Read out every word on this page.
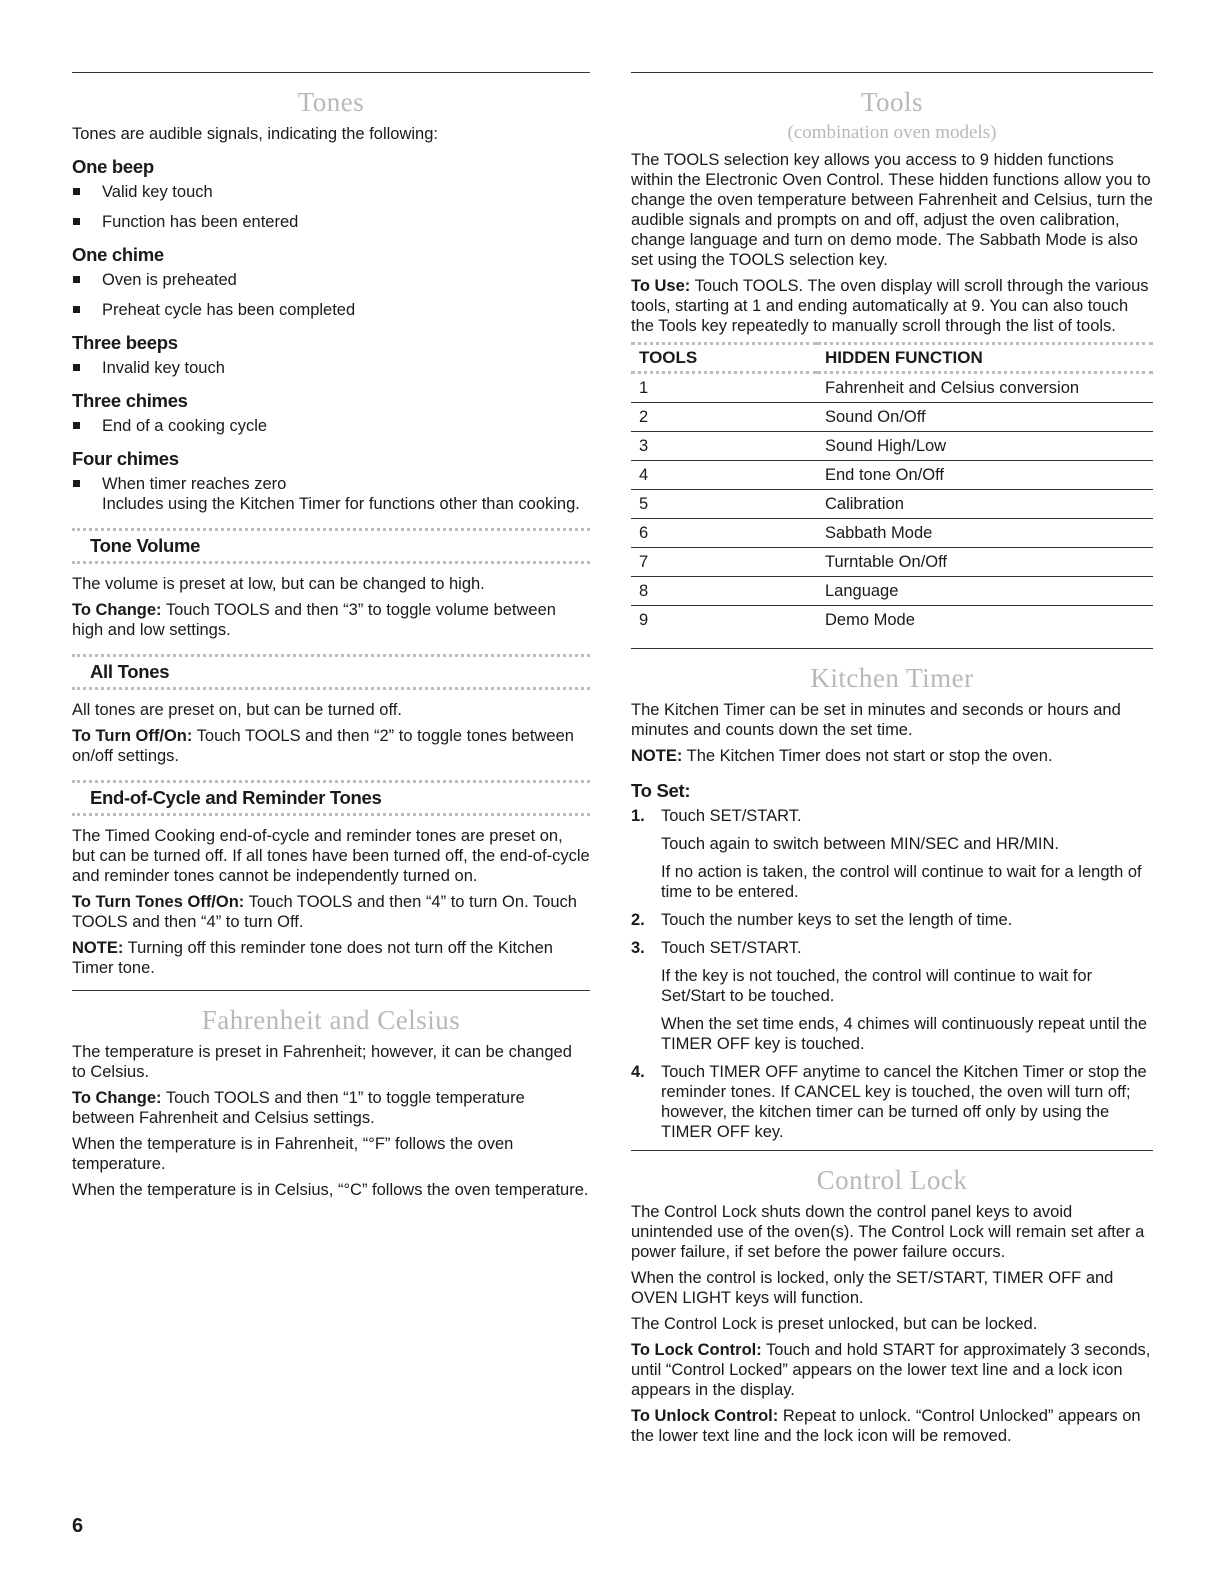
Tones

Tones are audible signals, indicating the following:

One beep
Valid key touch
Function has been entered
One chime
Oven is preheated
Preheat cycle has been completed
Three beeps
Invalid key touch
Three chimes
End of a cooking cycle
Four chimes
When timer reaches zero
Includes using the Kitchen Timer for functions other than cooking.
Tone Volume

The volume is preset at low, but can be changed to high.

To Change: Touch TOOLS and then “3” to toggle volume between high and low settings.

All Tones

All tones are preset on, but can be turned off.

To Turn Off/On: Touch TOOLS and then “2” to toggle tones between on/off settings.

End-of-Cycle and Reminder Tones

The Timed Cooking end-of-cycle and reminder tones are preset on, but can be turned off. If all tones have been turned off, the end-of-cycle and reminder tones cannot be independently turned on.

To Turn Tones Off/On: Touch TOOLS and then “4” to turn On. Touch TOOLS and then “4” to turn Off.

NOTE: Turning off this reminder tone does not turn off the Kitchen Timer tone.

Fahrenheit and Celsius

The temperature is preset in Fahrenheit; however, it can be changed to Celsius.

To Change: Touch TOOLS and then “1” to toggle temperature between Fahrenheit and Celsius settings.

When the temperature is in Fahrenheit, “°F” follows the oven temperature.

When the temperature is in Celsius, “°C” follows the oven temperature.

Tools
(combination oven models)

The TOOLS selection key allows you access to 9 hidden functions within the Electronic Oven Control. These hidden functions allow you to change the oven temperature between Fahrenheit and Celsius, turn the audible signals and prompts on and off, adjust the oven calibration, change language and turn on demo mode. The Sabbath Mode is also set using the TOOLS selection key.

To Use: Touch TOOLS. The oven display will scroll through the various tools, starting at 1 and ending automatically at 9. You can also touch the Tools key repeatedly to manually scroll through the list of tools.

TOOLS	HIDDEN FUNCTION
1	Fahrenheit and Celsius conversion
2	Sound On/Off
3	Sound High/Low
4	End tone On/Off
5	Calibration
6	Sabbath Mode
7	Turntable On/Off
8	Language
9	Demo Mode
Kitchen Timer

The Kitchen Timer can be set in minutes and seconds or hours and minutes and counts down the set time.

NOTE: The Kitchen Timer does not start or stop the oven.

To Set:
1. Touch SET/START.

Touch again to switch between MIN/SEC and HR/MIN.

If no action is taken, the control will continue to wait for a length of time to be entered.

2. Touch the number keys to set the length of time.

3. Touch SET/START.

If the key is not touched, the control will continue to wait for Set/Start to be touched.

When the set time ends, 4 chimes will continuously repeat until the TIMER OFF key is touched.

4. Touch TIMER OFF anytime to cancel the Kitchen Timer or stop the reminder tones. If CANCEL key is touched, the oven will turn off; however, the kitchen timer can be turned off only by using the TIMER OFF key.

Control Lock

The Control Lock shuts down the control panel keys to avoid unintended use of the oven(s). The Control Lock will remain set after a power failure, if set before the power failure occurs.

When the control is locked, only the SET/START, TIMER OFF and OVEN LIGHT keys will function.

The Control Lock is preset unlocked, but can be locked.

To Lock Control: Touch and hold START for approximately 3 seconds, until “Control Locked” appears on the lower text line and a lock icon appears in the display.

To Unlock Control: Repeat to unlock. “Control Unlocked” appears on the lower text line and the lock icon will be removed.

6
